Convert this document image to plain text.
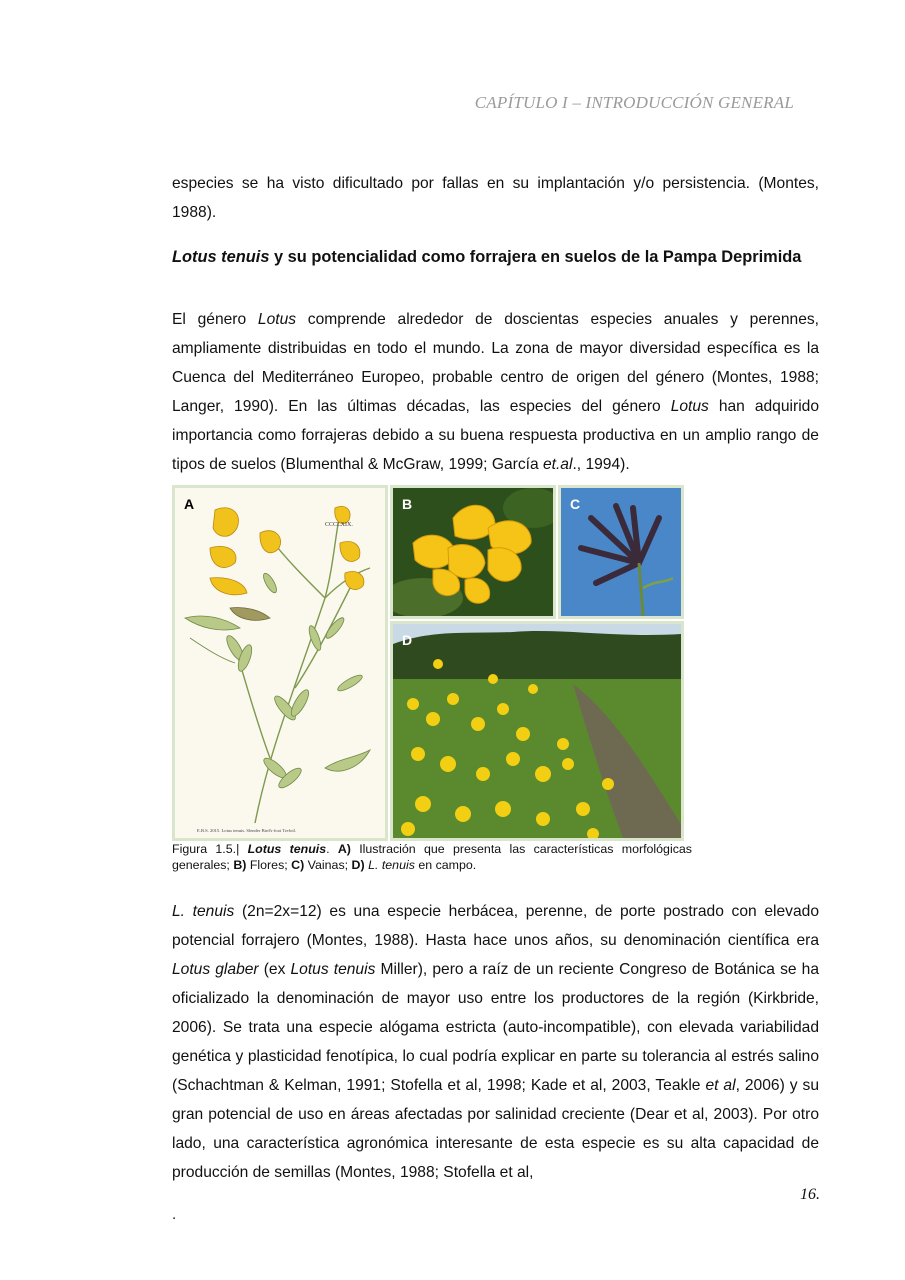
CAPÍTULO I – INTRODUCCIÓN GENERAL
especies se ha visto dificultado por fallas en su implantación y/o persistencia. (Montes, 1988).
Lotus tenuis y su potencialidad como forrajera en suelos de la Pampa Deprimida
El género Lotus comprende alrededor de doscientas especies anuales y perennes, ampliamente distribuidas en todo el mundo. La zona de mayor diversidad específica es la Cuenca del Mediterráneo Europeo, probable centro de origen del género (Montes, 1988; Langer, 1990). En las últimas décadas, las especies del género Lotus han adquirido importancia como forrajeras debido a su buena respuesta productiva en un amplio rango de tipos de suelos (Blumenthal & McGraw, 1999; García et.al., 1994).
CCCLXIX.
E.B.S. 2015. Lotus tenuis. Slender Bird's-foot Trefoil.
A	B	C
D
Figura 1.5.| Lotus tenuis. A) Ilustración que presenta las características morfológicas generales; B) Flores; C) Vainas; D) L. tenuis en campo.
L. tenuis (2n=2x=12) es una especie herbácea, perenne, de porte postrado con elevado potencial forrajero (Montes, 1988). Hasta hace unos años, su denominación científica era Lotus glaber (ex Lotus tenuis Miller), pero a raíz de un reciente Congreso de Botánica se ha oficializado la denominación de mayor uso entre los productores de la región (Kirkbride, 2006). Se trata una especie alógama estricta (auto-incompatible), con elevada variabilidad genética y plasticidad fenotípica, lo cual podría explicar en parte su tolerancia al estrés salino (Schachtman & Kelman, 1991; Stofella et al, 1998; Kade et al, 2003, Teakle et al, 2006) y su gran potencial de uso en áreas afectadas por salinidad creciente (Dear et al, 2003). Por otro lado, una característica agronómica interesante de esta especie es su alta capacidad de producción de semillas (Montes, 1988; Stofella et al,
16.
.
